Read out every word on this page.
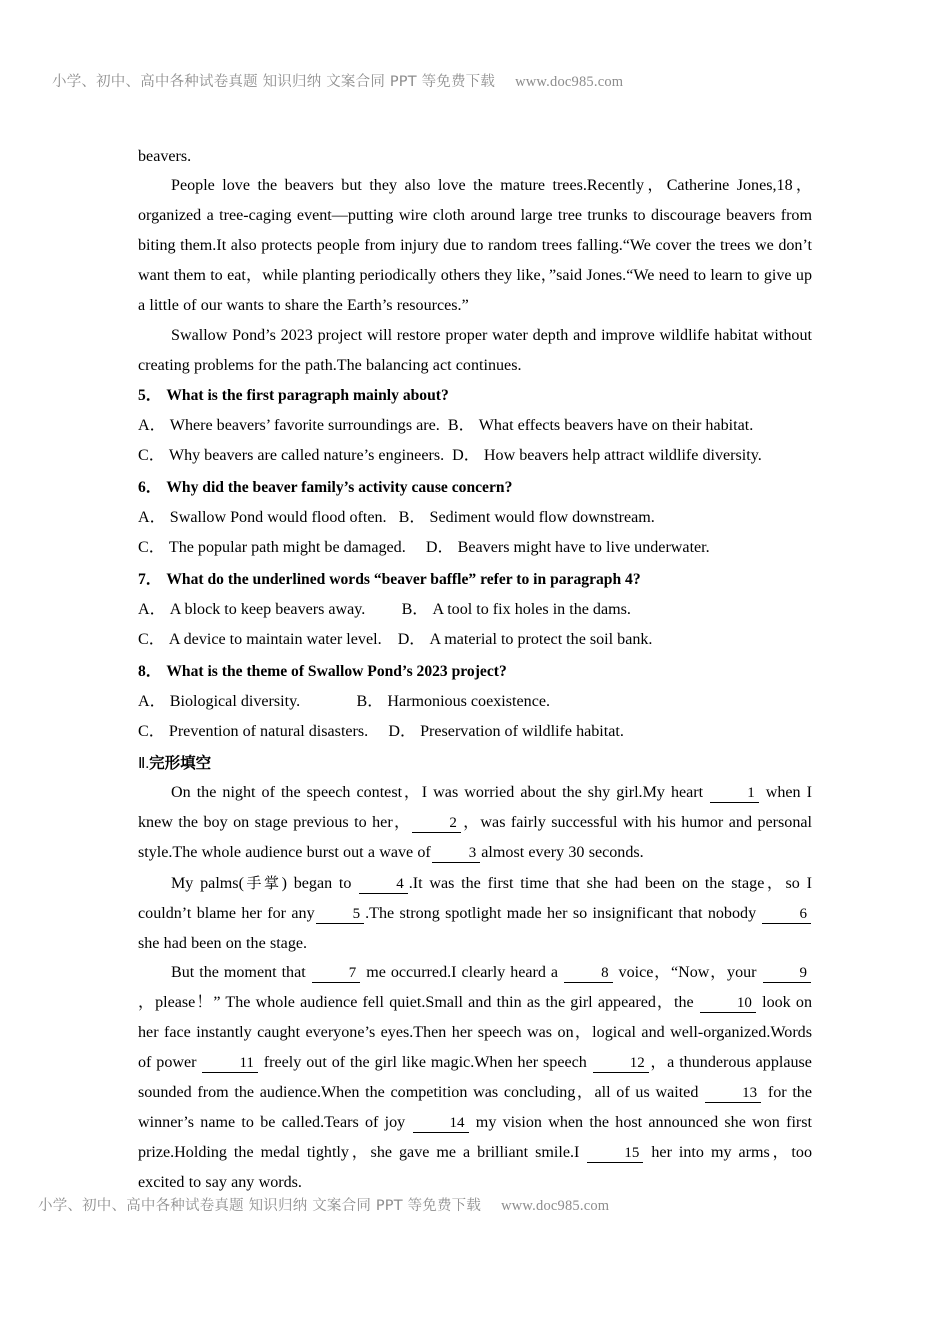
小学、初中、高中各种试卷真题 知识归纳 文案合同 PPT 等免费下载 www.doc985.com
beavers.

People love the beavers but they also love the mature trees.Recently，Catherine Jones,18，organized a tree-caging event—putting wire cloth around large tree trunks to discourage beavers from biting them.It also protects people from injury due to random trees falling.“We cover the trees we don’t want them to eat，while planting periodically others they like，”said Jones.“We need to learn to give up a little of our wants to share the Earth’s resources.”

Swallow Pond’s 2023 project will restore proper water depth and improve wildlife habitat without creating problems for the path.The balancing act continues.

5． What is the first paragraph mainly about?

A． Where beavers’ favorite surroundings are. B． What effects beavers have on their habitat.

C． Why beavers are called nature’s engineers. D． How beavers help attract wildlife diversity.

6． Why did the beaver family’s activity cause concern?

A． Swallow Pond would flood often. B． Sediment would flow downstream.

C． The popular path might be damaged. D． Beavers might have to live underwater.

7． What do the underlined words “beaver baffle” refer to in paragraph 4?

A． A block to keep beavers away. B． A tool to fix holes in the dams.

C． A device to maintain water level. D． A material to protect the soil bank.

8． What is the theme of Swallow Pond’s 2023 project?

A． Biological diversity.	B． Harmonious coexistence.

C． Prevention of natural disasters. D． Preservation of wildlife habitat.

Ⅱ.完形填空

On the night of the speech contest，I was worried about the shy girl.My heart	1 when I knew the boy on stage previous to her，	2 ，was fairly successful with his humor and personal style.The whole audience burst out a wave of	3 almost every 30 seconds.

My palms(手掌) began to	4 .It was the first time that she had been on the stage，so I couldn’t blame her for any	5 .The strong spotlight made her so insignificant that nobody	6 she had been on the stage.

But the moment that	7 me occurred.I clearly heard a	8 voice，“Now，your	9，please！” The whole audience fell quiet.Small and thin as the girl appeared，the	10 look on her face instantly caught everyone’s eyes.Then her speech was on，logical and well-organized.Words of power	11 freely out of the girl like magic.When her speech	12 ，a thunderous applause sounded from the audience.When the competition was concluding，all of us waited	13 for the winner’s name to be called.Tears of joy	14 my vision when the host announced she won first prize.Holding the medal tightly，she gave me a brilliant smile.I	15 her into my arms，too excited to say any words.

小学、初中、高中各种试卷真题 知识归纳 文案合同 PPT 等免费下载 www.doc985.com
